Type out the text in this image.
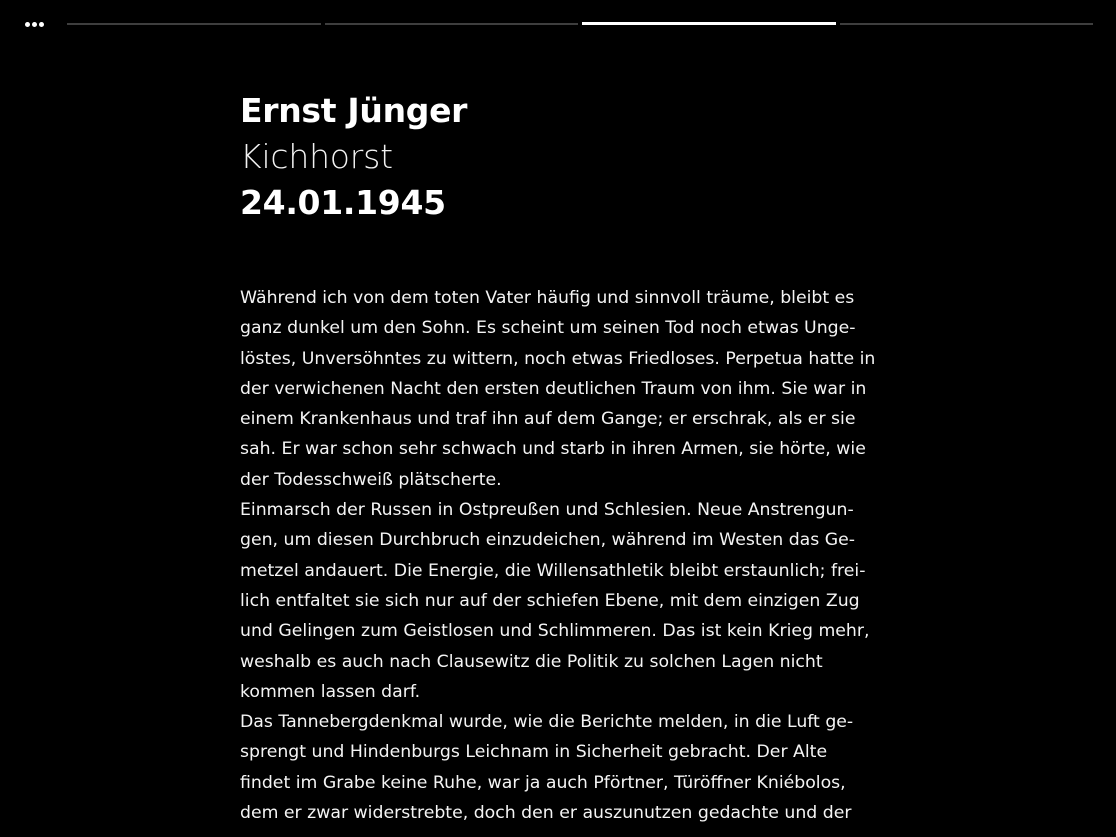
Ernst Jünger
Kichhorst
24.01.1945
Während ich von dem toten Vater häufig und sinnvoll träume, bleibt es
ganz dunkel um den Sohn. Es scheint um seinen Tod noch etwas Unge-
löstes, Unversöhntes zu wittern, noch etwas Friedloses. Perpetua hatte in
der verwichenen Nacht den ersten deutlichen Traum von ihm. Sie war in
einem Krankenhaus und traf ihn auf dem Gange; er erschrak, als er sie
sah. Er war schon sehr schwach und starb in ihren Armen, sie hörte, wie
der Todesschweiß plätscherte.
Einmarsch der Russen in Ostpreußen und Schlesien. Neue Anstrengun-
gen, um diesen Durchbruch einzudeichen, während im Westen das Ge-
metzel andauert. Die Energie, die Willensathletik bleibt erstaunlich; frei-
lich entfaltet sie sich nur auf der schiefen Ebene, mit dem einzigen Zug
und Gelingen zum Geistlosen und Schlimmeren. Das ist kein Krieg mehr,
weshalb es auch nach Clausewitz die Politik zu solchen Lagen nicht
kommen lassen darf.
Das Tannebergdenkmal wurde, wie die Berichte melden, in die Luft ge-
sprengt und Hindenburgs Leichnam in Sicherheit gebracht. Der Alte
findet im Grabe keine Ruhe, war ja auch Pförtner, Türöffner Kniébolos,
dem er zwar widerstrebte, doch den er auszunutzen gedachte und der
